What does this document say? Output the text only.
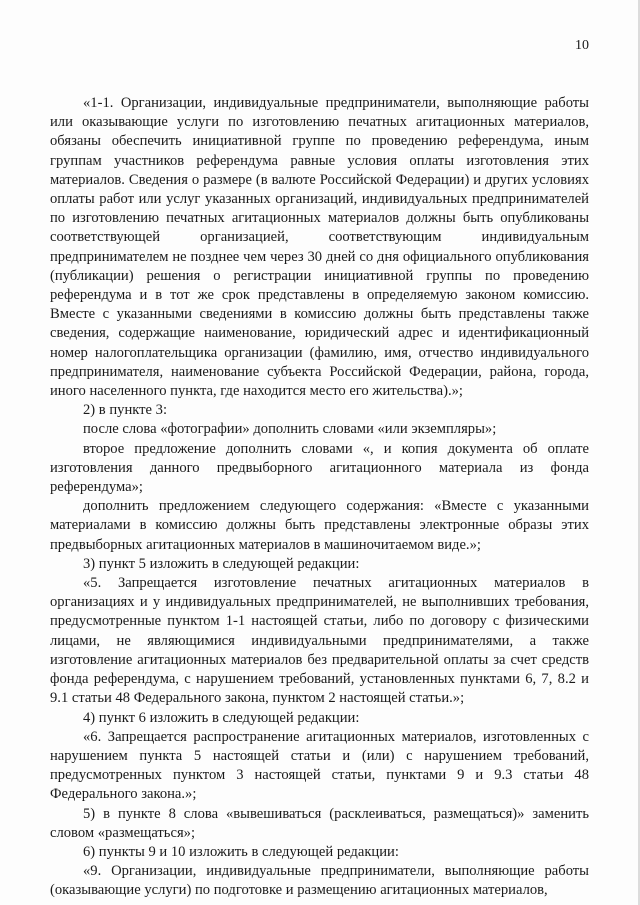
10

«1-1. Организации, индивидуальные предприниматели, выполняющие работы или оказывающие услуги по изготовлению печатных агитационных материалов, обязаны обеспечить инициативной группе по проведению референдума, иным группам участников референдума равные условия оплаты изготовления этих материалов. Сведения о размере (в валюте Российской Федерации) и других условиях оплаты работ или услуг указанных организаций, индивидуальных предпринимателей по изготовлению печатных агитационных материалов должны быть опубликованы соответствующей организацией, соответствующим индивидуальным предпринимателем не позднее чем через 30 дней со дня официального опубликования (публикации) решения о регистрации инициативной группы по проведению референдума и в тот же срок представлены в определяемую законом комиссию. Вместе с указанными сведениями в комиссию должны быть представлены также сведения, содержащие наименование, юридический адрес и идентификационный номер налогоплательщика организации (фамилию, имя, отчество индивидуального предпринимателя, наименование субъекта Российской Федерации, района, города, иного населенного пункта, где находится место его жительства).»;

2) в пункте 3:

после слова «фотографии» дополнить словами «или экземпляры»;

второе предложение дополнить словами «, и копия документа об оплате изготовления данного предвыборного агитационного материала из фонда референдума»;

дополнить предложением следующего содержания: «Вместе с указанными материалами в комиссию должны быть представлены электронные образы этих предвыборных агитационных материалов в машиночитаемом виде.»;

3) пункт 5 изложить в следующей редакции:

«5. Запрещается изготовление печатных агитационных материалов в организациях и у индивидуальных предпринимателей, не выполнивших требования, предусмотренные пунктом 1-1 настоящей статьи, либо по договору с физическими лицами, не являющимися индивидуальными предпринимателями, а также изготовление агитационных материалов без предварительной оплаты за счет средств фонда референдума, с нарушением требований, установленных пунктами 6, 7, 8.2 и 9.1 статьи 48 Федерального закона, пунктом 2 настоящей статьи.»;

4) пункт 6 изложить в следующей редакции:

«6. Запрещается распространение агитационных материалов, изготовленных с нарушением пункта 5 настоящей статьи и (или) с нарушением требований, предусмотренных пунктом 3 настоящей статьи, пунктами 9 и 9.3 статьи 48 Федерального закона.»;

5) в пункте 8 слова «вывешиваться (расклеиваться, размещаться)» заменить словом «размещаться»;

6) пункты 9 и 10 изложить в следующей редакции:

«9. Организации, индивидуальные предприниматели, выполняющие работы (оказывающие услуги) по подготовке и размещению агитационных материалов,
